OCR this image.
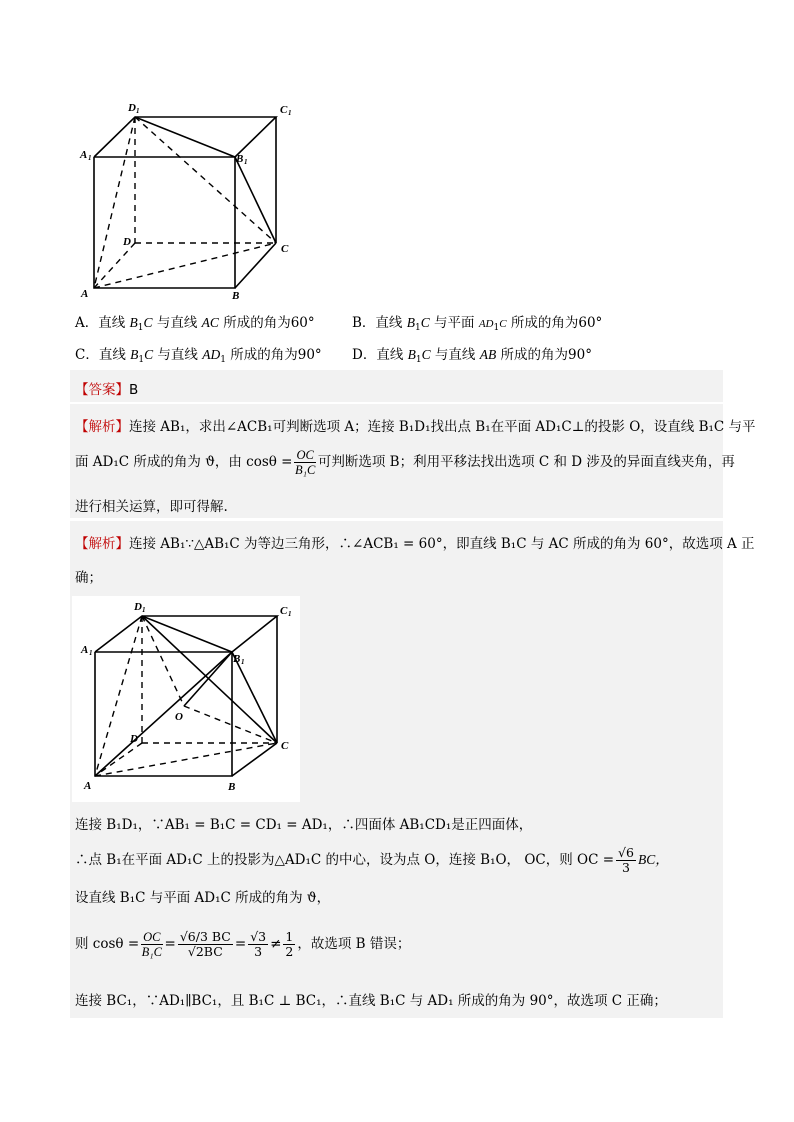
D 1	C 1
A 1	B 1
D
C
A	B
A．直线 $B_1C$ 与直线 AC 所成的角为60°	B．直线 $B_1C$ 与平面 $AD_1C$ 所成的角为60°
C．直线 $B_1C$ 与直线 $AD_1$ 所成的角为90° D．直线 $B_1C$ 与直线 AB 所成的角为90°
【答案】B
【解析】连接 AB₁，求出∠ACB₁可判断选项 A；连接 B₁D₁找出点 B₁在平面 AD₁C⊥的投影 O，设直线 B₁C 与平
面 AD₁C 所成的角为 ϑ，由 $\cos\theta = \frac{OC}{\text{B₁C}}$ 可判断选项 B；利用平移法找出选项 C 和 D 涉及的异面直线夹角，再
进行相关运算，即可得解.
【解析】连接 AB₁∵△AB₁C 为等边三角形，∴∠ACB₁ = 60°，即直线 B₁C 与 AC 所成的角为 60°，故选项 A 正
确；
D 1	C 1
A 1	B 1
O
D
C
A	B
连接 B₁D₁，∵AB₁ = B₁C = CD₁ = AD₁，∴四面体 AB₁CD₁是正四面体，
∴点 B₁在平面 AD₁C 上的投影为△AD₁C 的中心，设为点 O，连接 B₁O， OC，则 OC = $\frac{√6}{3}$ BC，
设直线 B₁C 与平面 AD₁C 所成的角为 ϑ，
则 $\cos\theta = \frac{OC}{\text{B₁C}} = \frac{√6/3 BC}{√2BC} = \frac{√3}{3} \ne \frac{1}{2}$ ，故选项 B 错误；
连接 BC₁，∵AD₁∥BC₁，且 B₁C ⊥ BC₁，∴直线 B₁C 与 AD₁ 所成的角为 90°，故选项 C 正确；
